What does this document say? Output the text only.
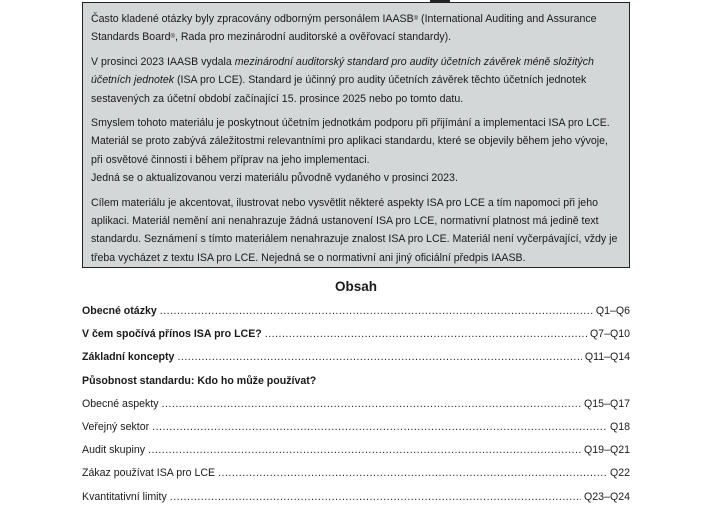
Často kladené otázky byly zpracovány odborným personálem IAASB® (International Auditing and Assurance Standards Board®, Rada pro mezinárodní auditorské a ověřovací standardy).

V prosinci 2023 IAASB vydala mezinárodní auditorský standard pro audity účetních závěrek méně složitých účetních jednotek (ISA pro LCE). Standard je účinný pro audity účetních závěrek těchto účetních jednotek sestavených za účetní období začínající 15. prosince 2025 nebo po tomto datu.

Smyslem tohoto materiálu je poskytnout účetním jednotkám podporu při přijímání a implementaci ISA pro LCE. Materiál se proto zabývá záležitostmi relevantními pro aplikaci standardu, které se objevily během jeho vývoje, při osvětové činnosti i během příprav na jeho implementaci.

Jedná se o aktualizovanou verzi materiálu původně vydaného v prosinci 2023.

Cílem materiálu je akcentovat, ilustrovat nebo vysvětlit některé aspekty ISA pro LCE a tím napomoci při jeho aplikaci. Materiál nemění ani nenahrazuje žádná ustanovení ISA pro LCE, normativní platnost má jedině text standardu. Seznámení s tímto materiálem nenahrazuje znalost ISA pro LCE. Materiál není vyčerpávající, vždy je třeba vycházet z textu ISA pro LCE. Nejedná se o normativní ani jiný oficiální předpis IAASB.

Obsah
Obecné otázky .....	Q1–Q6
V čem spočívá přínos ISA pro LCE? .....	Q7–Q10
Základní koncepty .....	Q11–Q14
Působnost standardu: Kdo ho může používat?
Obecné aspekty .....	Q15–Q17
Veřejný sektor .....	Q18
Audit skupiny .....	Q19–Q21
Zákaz používat ISA pro LCE .....	Q22
Kvantitativní limity .....	Q23–Q24
